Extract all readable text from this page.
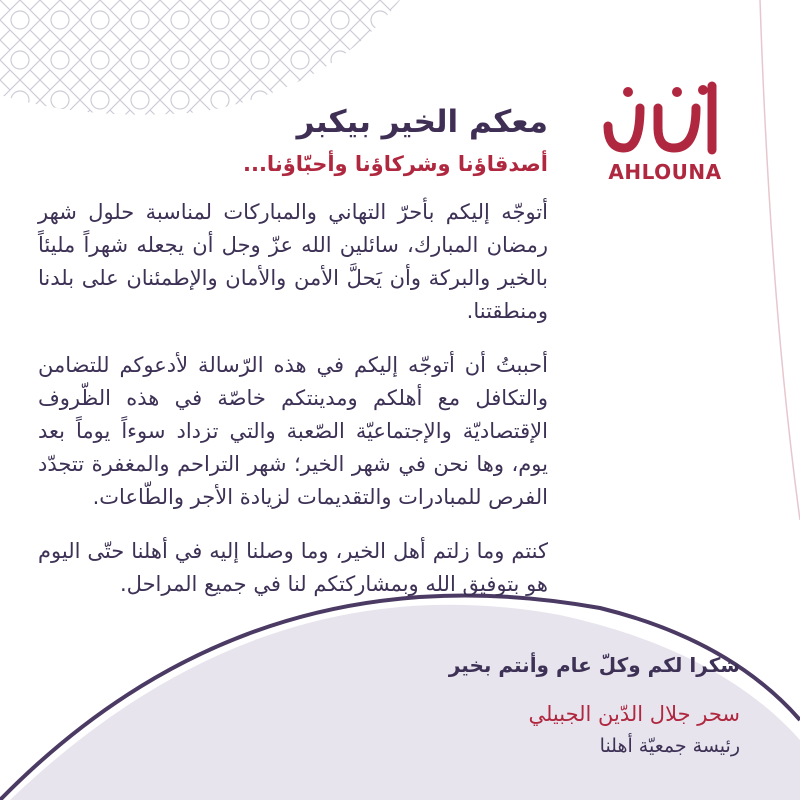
AHLOUNA
معكم الخير بيكبر
أصدقاؤنا وشركاؤنا وأحبّاؤنا...

أتوجّه إليكم بأحرّ التهاني والمباركات لمناسبة حلول شهر رمضان المبارك، سائلين الله عزّ وجل أن يجعله شهراً مليئاً بالخير والبركة وأن يَحلَّ الأمن والأمان والإطمئنان على بلدنا ومنطقتنا.

أحببتُ أن أتوجّه إليكم في هذه الرّسالة لأدعوكم للتضامن والتكافل مع أهلكم ومدينتكم خاصّة في هذه الظّروف الإقتصاديّة والإجتماعيّة الصّعبة والتي تزداد سوءاً يوماً بعد يوم، وها نحن في شهر الخير؛ شهر التراحم والمغفرة تتجدّد الفرص للمبادرات والتقديمات لزيادة الأجر والطّاعات.

كنتم وما زلتم أهل الخير، وما وصلنا إليه في أهلنا حتّى اليوم هو بتوفيق الله وبمشاركتكم لنا في جميع المراحل.

شكرا لكم وكلّ عام وأنتم بخير
سحر جلال الدّين الجبيلي
رئيسة جمعيّة أهلنا
